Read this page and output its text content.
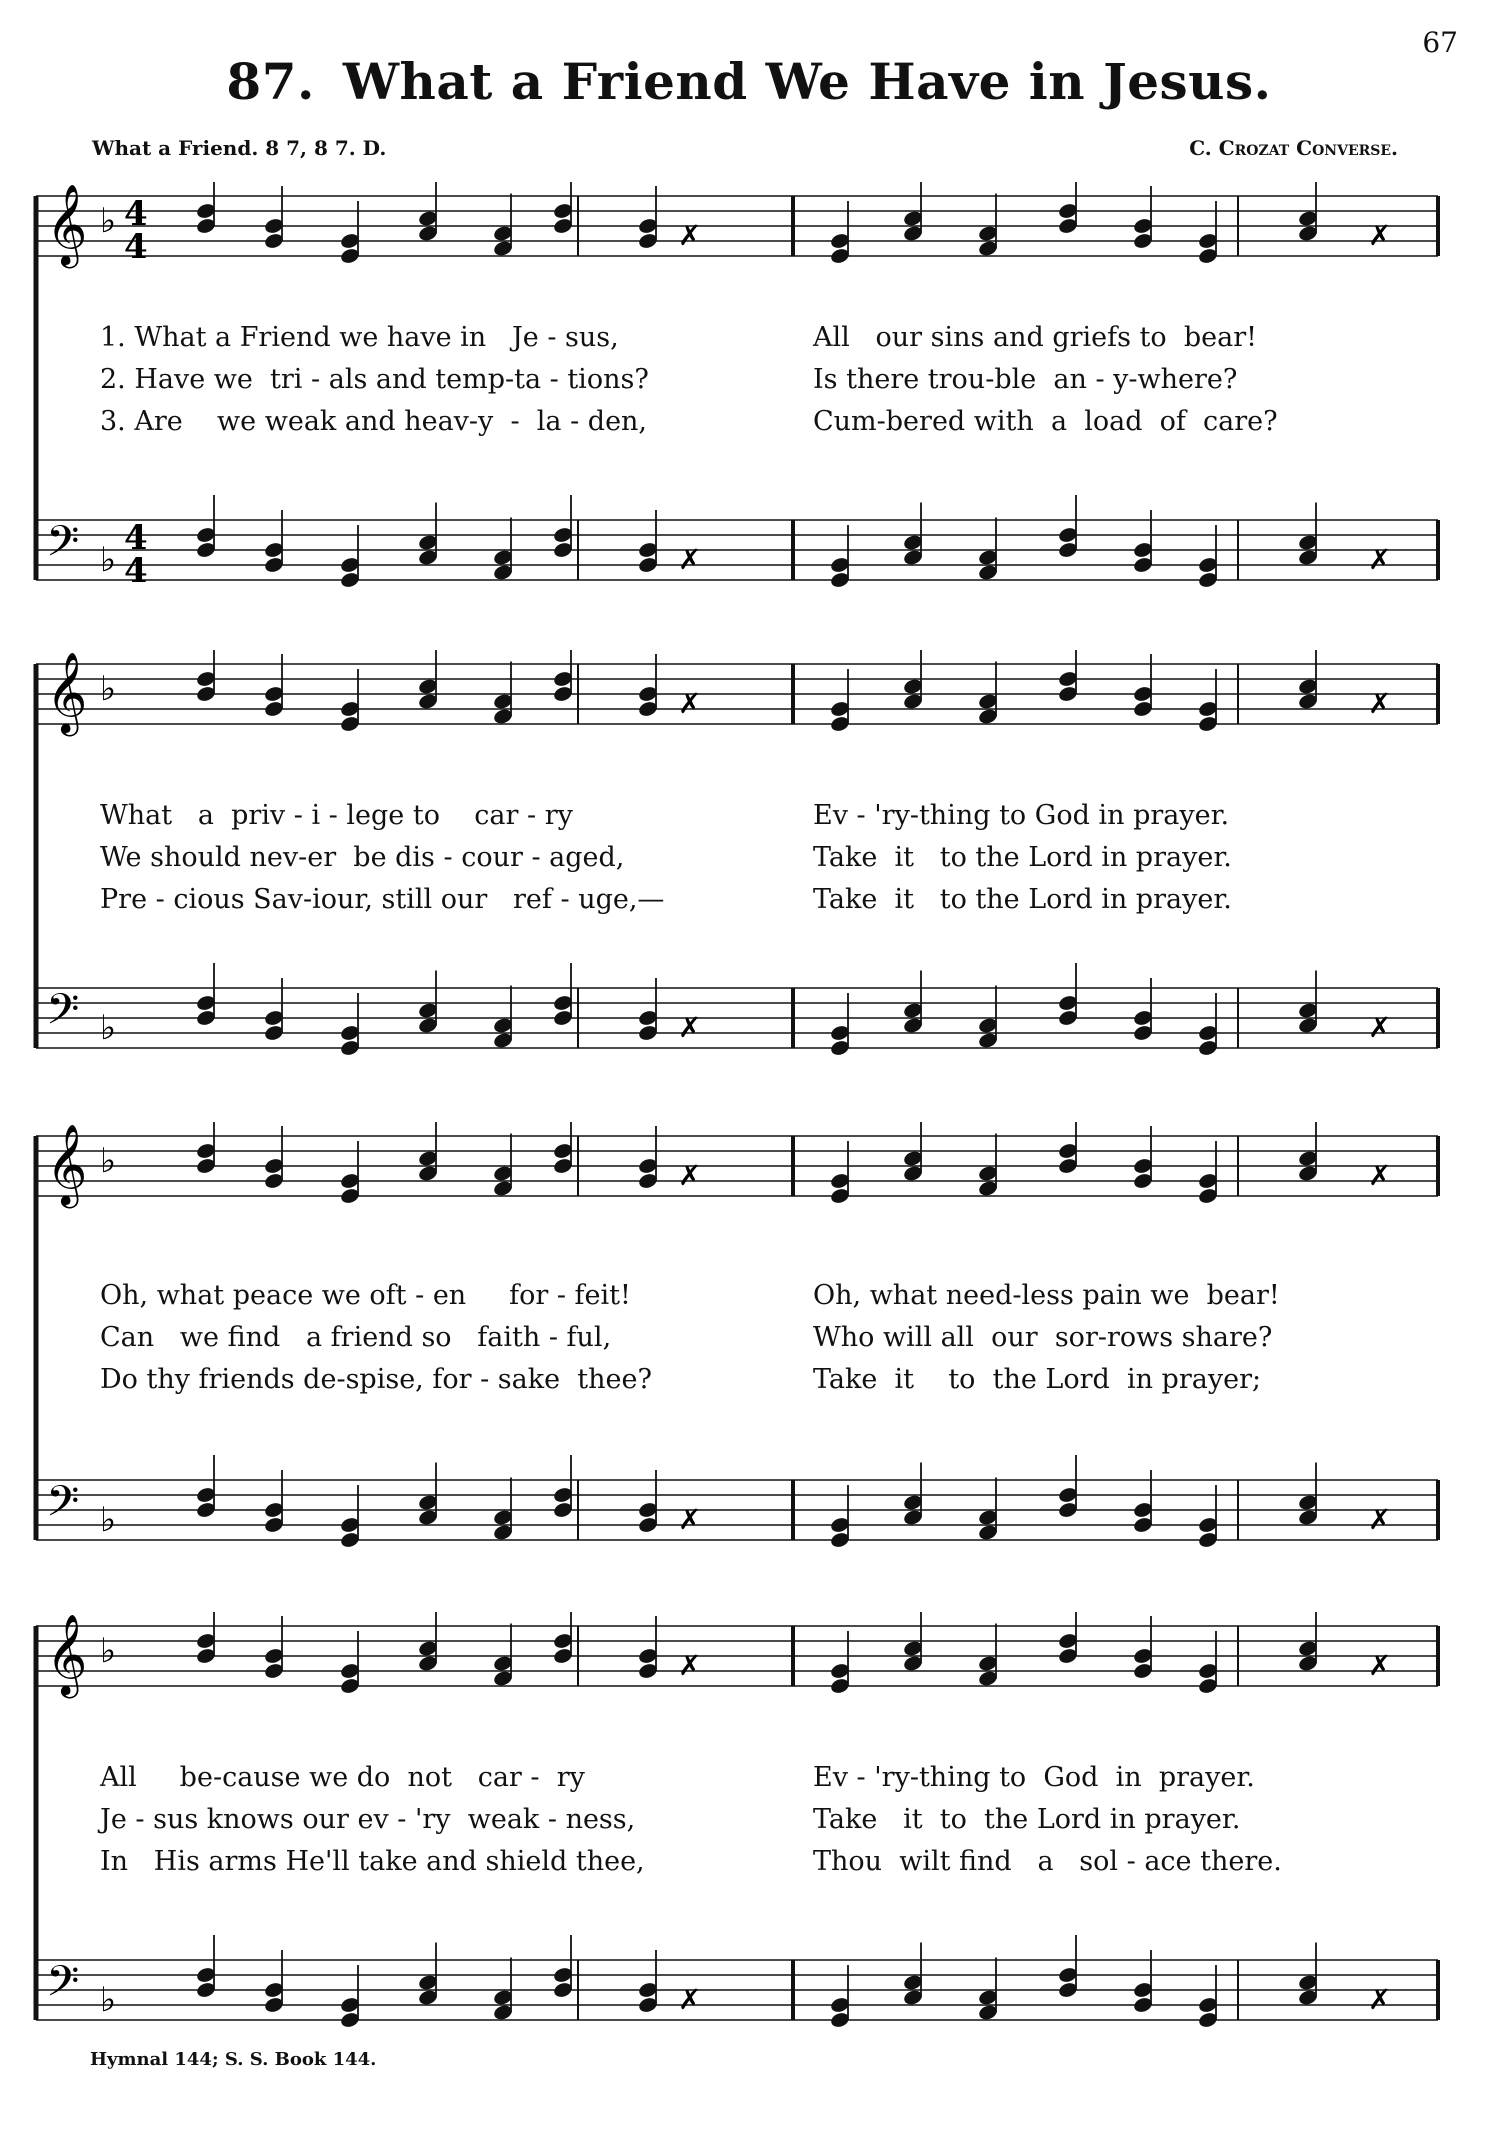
67
87. What a Friend We Have in Jesus.
What a Friend. 8 7, 8 7. D.	C. Crozat Converse.
𝄞 ♭ 4
4	✗	✗
𝄢 ♭
4
4	✗	✗
1. What a Friend we have in   Je - sus,	All   our sins and griefs to  bear!
2. Have we  tri - als and temp-ta - tions?	Is there trou-ble  an - y-where?
3. Are    we weak and heav-y  -  la - den,	Cum-bered with  a  load  of  care?
𝄞 ♭	✗	✗
𝄢 ♭	✗	✗
What   a  priv - i - lege to    car - ry	Ev - 'ry-thing to God in prayer.
We should nev-er  be dis - cour - aged,	Take  it   to the Lord in prayer.
Pre - cious Sav-iour, still our   ref - uge,—	Take  it   to the Lord in prayer.
𝄞 ♭	✗	✗
𝄢 ♭	✗	✗
Oh, what peace we oft - en     for - feit!	Oh, what need-less pain we  bear!
Can   we find   a friend so   faith - ful,	Who will all  our  sor-rows share?
Do thy friends de-spise, for - sake  thee?	Take  it    to  the Lord  in prayer;
𝄞 ♭	✗	✗
𝄢 ♭	✗	✗
All     be-cause we do  not   car -  ry	Ev - 'ry-thing to  God  in  prayer.
Je - sus knows our ev - 'ry  weak - ness,	Take   it  to  the Lord in prayer.
In   His arms He'll take and shield thee,	Thou  wilt find   a   sol - ace there.
Hymnal 144; S. S. Book 144.
